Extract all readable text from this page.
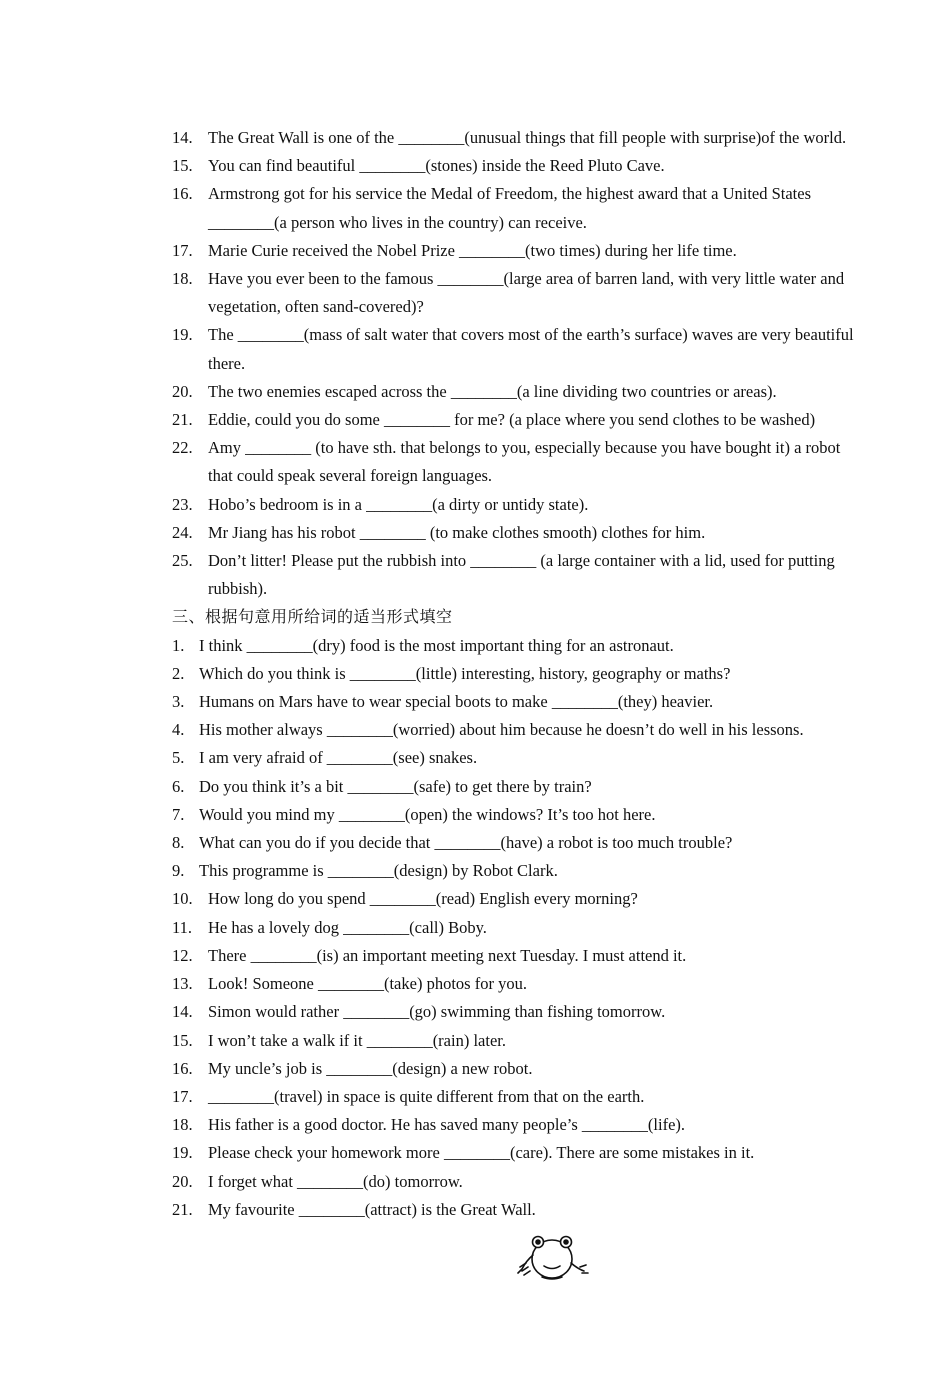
14. The Great Wall is one of the ________(unusual things that fill people with surprise)of the world.
15. You can find beautiful ________(stones) inside the Reed Pluto Cave.
16. Armstrong got for his service the Medal of Freedom, the highest award that a United States
________(a person who lives in the country) can receive.
17. Marie Curie received the Nobel Prize ________(two times) during her life time.
18. Have you ever been to the famous ________(large area of barren land, with very little water and
vegetation, often sand-covered)?
19. The ________(mass of salt water that covers most of the earth’s surface) waves are very beautiful
there.
20. The two enemies escaped across the ________(a line dividing two countries or areas).
21. Eddie, could you do some ________ for me? (a place where you send clothes to be washed)
22. Amy ________ (to have sth. that belongs to you, especially because you have bought it) a robot
that could speak several foreign languages.
23. Hobo’s bedroom is in a ________(a dirty or untidy state).
24. Mr Jiang has his robot ________ (to make clothes smooth) clothes for him.
25. Don’t litter! Please put the rubbish into ________ (a large container with a lid, used for putting
rubbish).
三、根据句意用所给词的适当形式填空
1. I think ________(dry) food is the most important thing for an astronaut.
2. Which do you think is ________(little) interesting, history, geography or maths?
3. Humans on Mars have to wear special boots to make ________(they) heavier.
4. His mother always ________(worried) about him because he doesn’t do well in his lessons.
5. I am very afraid of ________(see) snakes.
6. Do you think it’s a bit ________(safe) to get there by train?
7. Would you mind my ________(open) the windows? It’s too hot here.
8. What can you do if you decide that ________(have) a robot is too much trouble?
9. This programme is ________(design) by Robot Clark.
10. How long do you spend ________(read) English every morning?
11. He has a lovely dog ________(call) Boby.
12. There ________(is) an important meeting next Tuesday. I must attend it.
13. Look! Someone ________(take) photos for you.
14. Simon would rather ________(go) swimming than fishing tomorrow.
15. I won’t take a walk if it ________(rain) later.
16. My uncle’s job is ________(design) a new robot.
17. ________(travel) in space is quite different from that on the earth.
18. His father is a good doctor. He has saved many people’s ________(life).
19. Please check your homework more ________(care). There are some mistakes in it.
20. I forget what ________(do) tomorrow.
21. My favourite ________(attract) is the Great Wall.
